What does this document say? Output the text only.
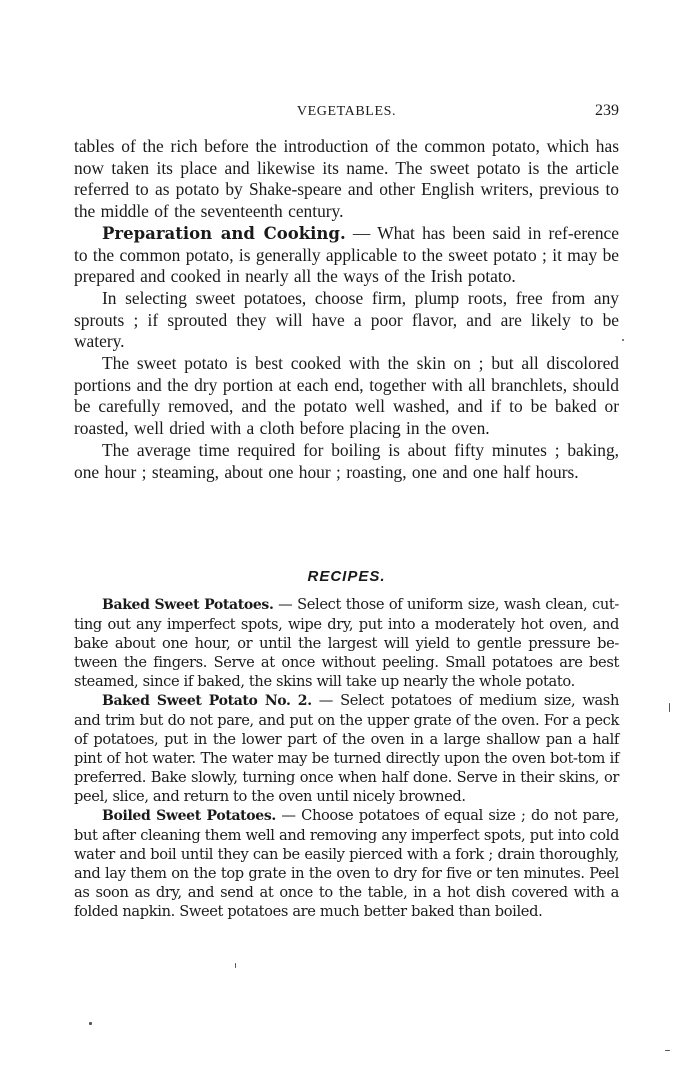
VEGETABLES.	239

tables of the rich before the introduction of the common potato, which has now taken its place and likewise its name. The sweet potato is the article referred to as potato by Shake-speare and other English writers, previous to the middle of the seventeenth century.

Preparation and Cooking. — What has been said in ref-erence to the common potato, is generally applicable to the sweet potato ; it may be prepared and cooked in nearly all the ways of the Irish potato.

In selecting sweet potatoes, choose firm, plump roots, free from any sprouts ; if sprouted they will have a poor flavor, and are likely to be watery.

The sweet potato is best cooked with the skin on ; but all discolored portions and the dry portion at each end, together with all branchlets, should be carefully removed, and the potato well washed, and if to be baked or roasted, well dried with a cloth before placing in the oven.

The average time required for boiling is about fifty minutes ; baking, one hour ; steaming, about one hour ; roasting, one and one half hours.

RECIPES.

Baked Sweet Potatoes. — Select those of uniform size, wash clean, cut-ting out any imperfect spots, wipe dry, put into a moderately hot oven, and bake about one hour, or until the largest will yield to gentle pressure be-tween the fingers. Serve at once without peeling. Small potatoes are best steamed, since if baked, the skins will take up nearly the whole potato.

Baked Sweet Potato No. 2. — Select potatoes of medium size, wash and trim but do not pare, and put on the upper grate of the oven. For a peck of potatoes, put in the lower part of the oven in a large shallow pan a half pint of hot water. The water may be turned directly upon the oven bot-tom if preferred. Bake slowly, turning once when half done. Serve in their skins, or peel, slice, and return to the oven until nicely browned.

Boiled Sweet Potatoes. — Choose potatoes of equal size ; do not pare, but after cleaning them well and removing any imperfect spots, put into cold water and boil until they can be easily pierced with a fork ; drain thoroughly, and lay them on the top grate in the oven to dry for five or ten minutes. Peel as soon as dry, and send at once to the table, in a hot dish covered with a folded napkin. Sweet potatoes are much better baked than boiled.
